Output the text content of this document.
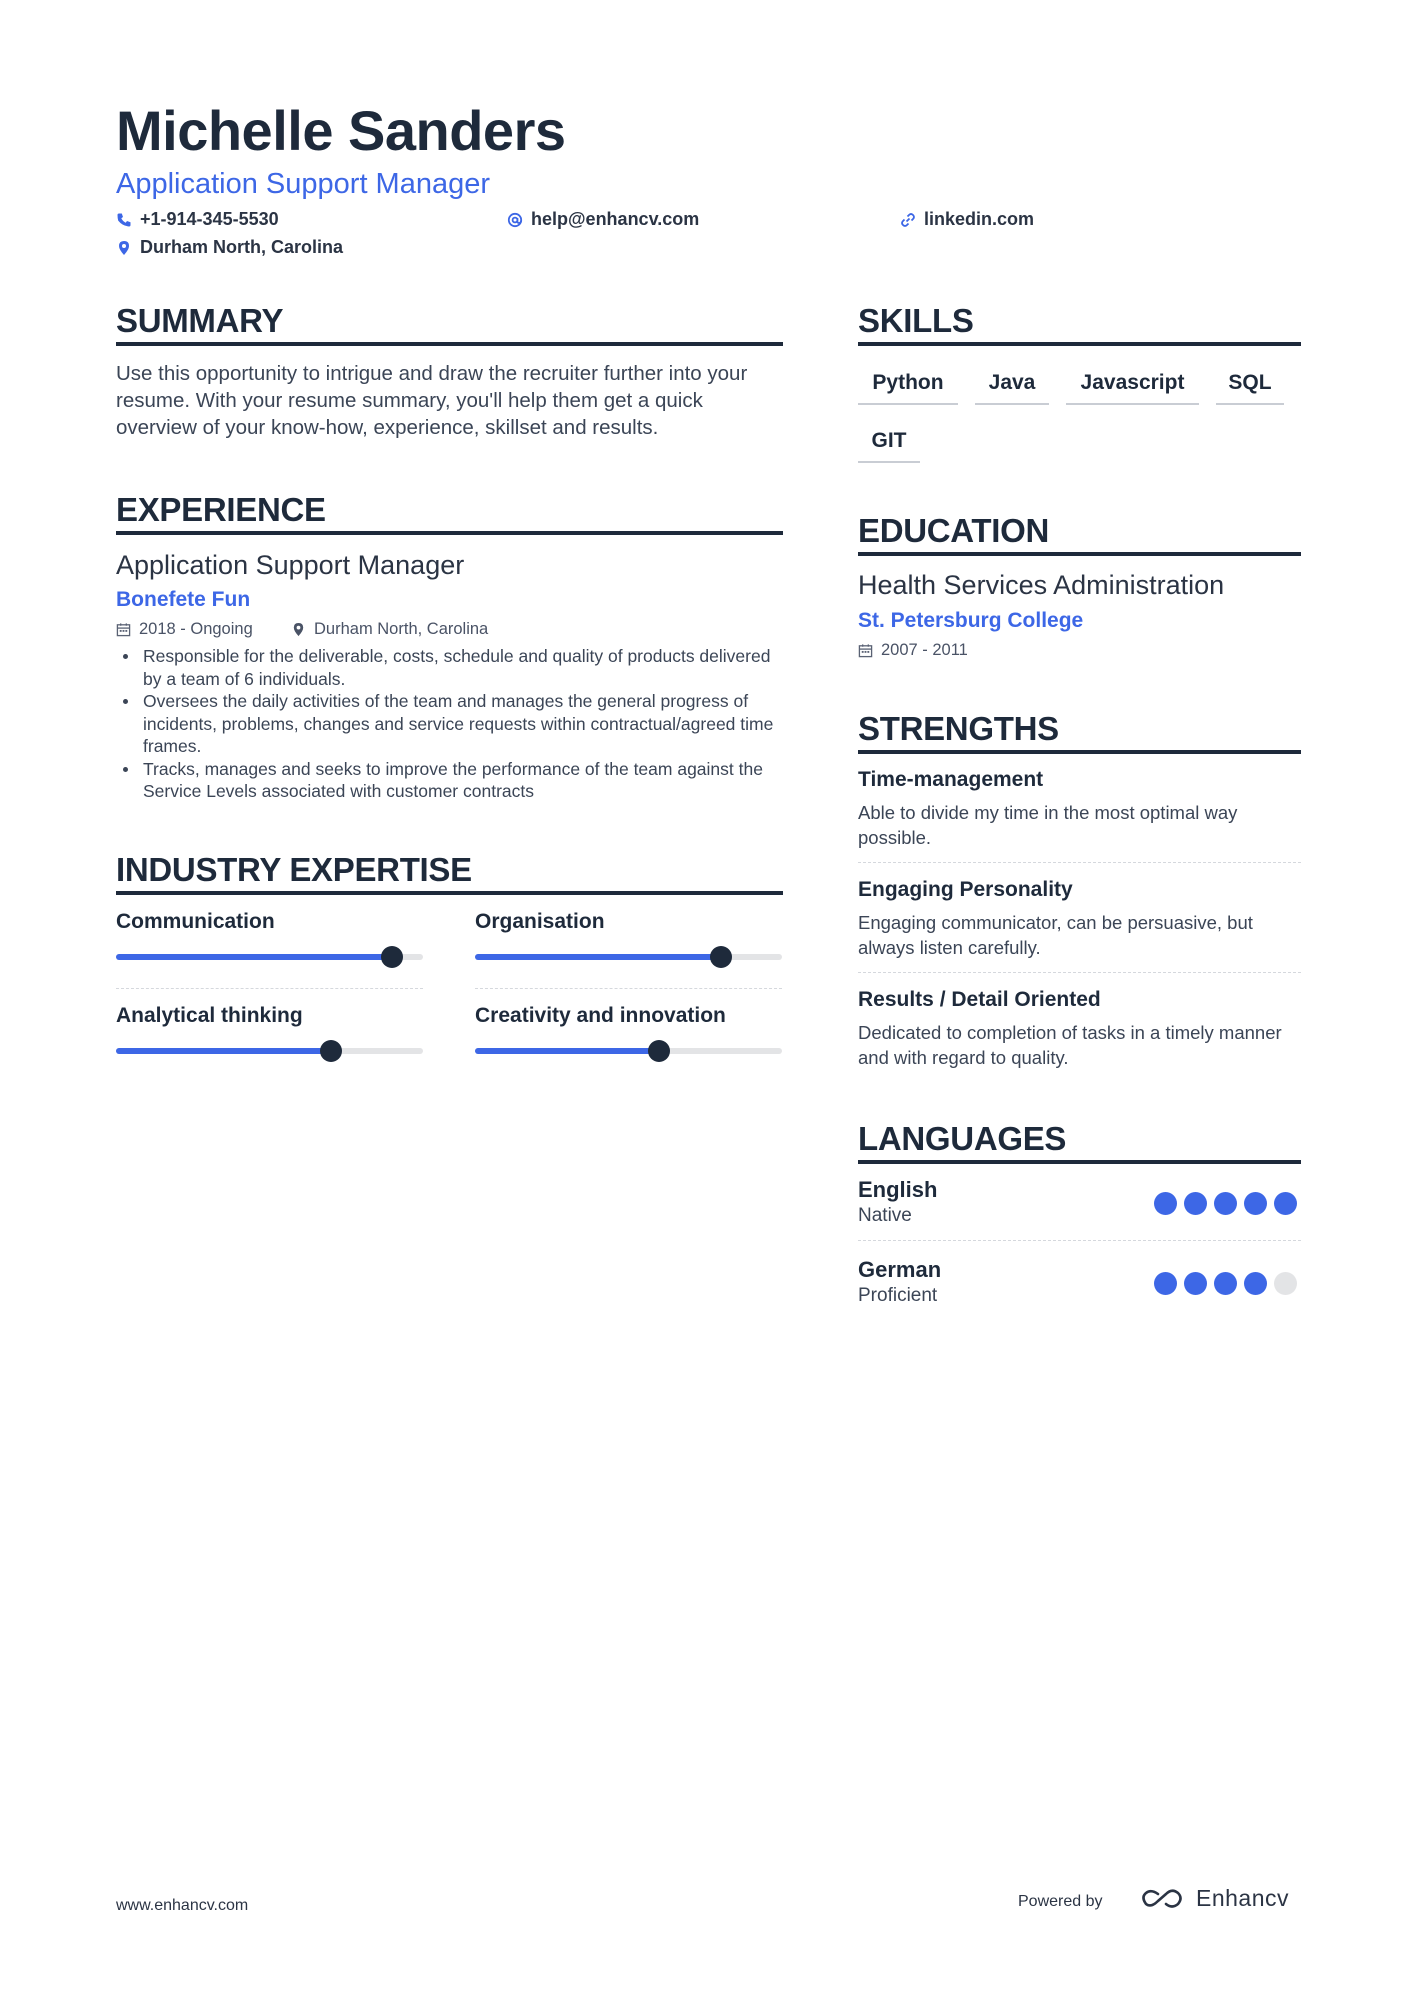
Michelle Sanders
Application Support Manager
+1-914-345-5530	help@enhancv.com	linkedin.com
Durham North, Carolina
SUMMARY
Use this opportunity to intrigue and draw the recruiter further into your resume. With your resume summary, you'll help them get a quick overview of your know-how, experience, skillset and results.
EXPERIENCE
Application Support Manager
Bonefete Fun
2018 - Ongoing	Durham North, Carolina
Responsible for the deliverable, costs, schedule and quality of products delivered by a team of 6 individuals.
Oversees the daily activities of the team and manages the general progress of incidents, problems, changes and service requests within contractual/agreed time frames.
Tracks, manages and seeks to improve the performance of the team against the Service Levels associated with customer contracts
INDUSTRY EXPERTISE
Communication	Organisation
Analytical thinking	Creativity and innovation
SKILLS
Python	Java	Javascript	SQL
GIT
EDUCATION
Health Services Administration
St. Petersburg College
2007 - 2011
STRENGTHS
Time-management
Able to divide my time in the most optimal way possible.
Engaging Personality
Engaging communicator, can be persuasive, but always listen carefully.
Results / Detail Oriented
Dedicated to completion of tasks in a timely manner and with regard to quality.
LANGUAGES
English
Native
German
Proficient
www.enhancv.com	Powered by	Enhancv
